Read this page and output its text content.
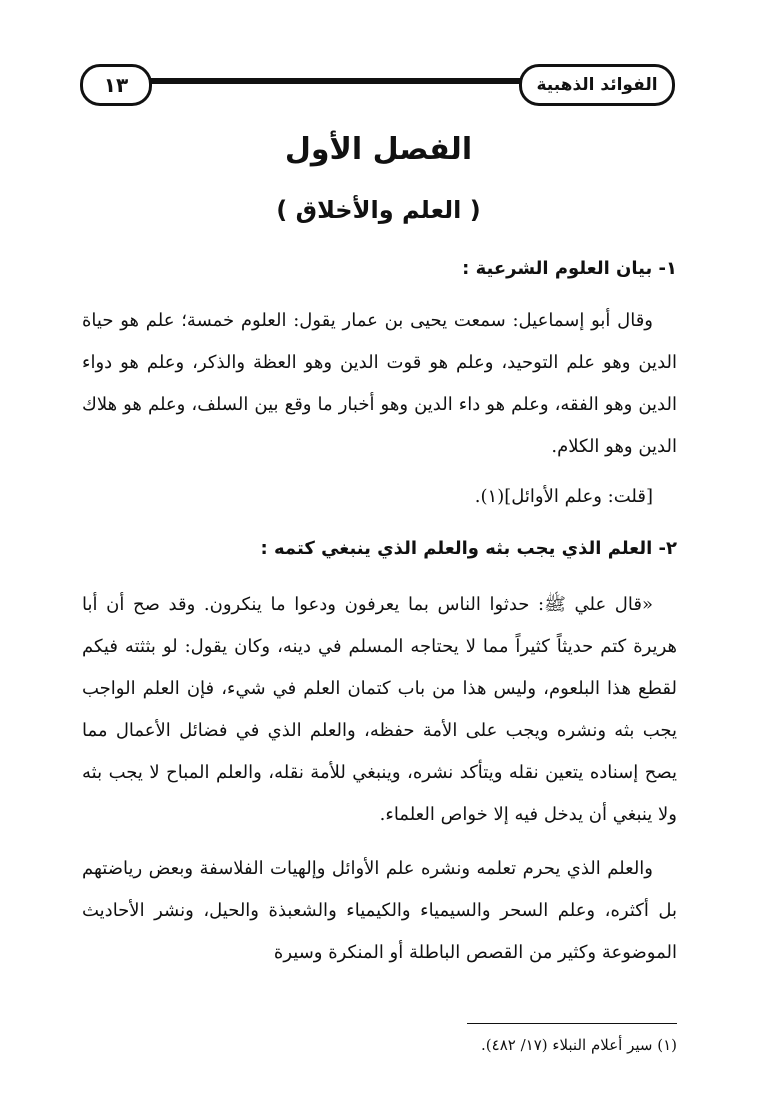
الفوائد الذهبية
١٣
الفصل الأول
( العلم والأخلاق )
١- بيان العلوم الشرعية :
وقال أبو إسماعيل: سمعت يحيى بن عمار يقول: العلوم خمسة؛ علم هو حياة الدين وهو علم التوحيد، وعلم هو قوت الدين وهو العظة والذكر، وعلم هو دواء الدين وهو الفقه، وعلم هو داء الدين وهو أخبار ما وقع بين السلف، وعلم هو هلاك الدين وهو الكلام.
[قلت: وعلم الأوائل](١).
٢- العلم الذي يجب بثه والعلم الذي ينبغي كتمه :
«قال علي ﷺ: حدثوا الناس بما يعرفون ودعوا ما ينكرون. وقد صح أن أبا هريرة كتم حديثاً كثيراً مما لا يحتاجه المسلم في دينه، وكان يقول: لو بثثته فيكم لقطع هذا البلعوم، وليس هذا من باب كتمان العلم في شيء، فإن العلم الواجب يجب بثه ونشره ويجب على الأمة حفظه، والعلم الذي في فضائل الأعمال مما يصح إسناده يتعين نقله ويتأكد نشره، وينبغي للأمة نقله، والعلم المباح لا يجب بثه ولا ينبغي أن يدخل فيه إلا خواص العلماء.
والعلم الذي يحرم تعلمه ونشره علم الأوائل وإلهيات الفلاسفة وبعض رياضتهم بل أكثره، وعلم السحر والسيمياء والكيمياء والشعبذة والحيل، ونشر الأحاديث الموضوعة وكثير من القصص الباطلة أو المنكرة وسيرة
(١) سير أعلام النبلاء (١٧/ ٤٨٢).
